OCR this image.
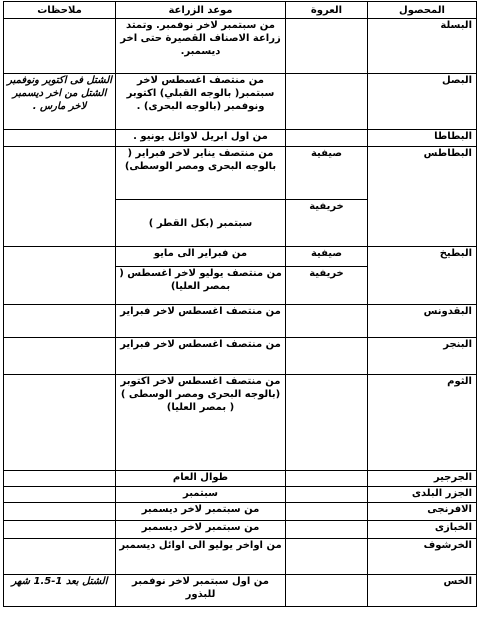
المحصول	العروة	موعد الزراعة	ملاحظات
البسلة		من سبتمبر لاخر نوفمبر. وتمتد زراعة الاصناف القصيرة حتى اخر ديسمبر.	
البصل		من منتصف اغسطس لاخر سبتمبر( بالوجه القبلي) اكتوبر ونوفمبر (بالوجه البحرى) .	الشتل فى اكتوبر ونوفمبر الشتل من اخر ديسمبر لاخر مارس .
البطاطا		من اول ابريل لاوائل يونيو .	
البطاطس	صيفية	من منتصف يناير لاخر فبراير ( بالوجه البحرى ومصر الوسطى)	
	خريفية	سبتمبر (بكل القطر )	
البطيخ	صيفية	من فبراير الى مايو	
	خريفية	من منتصف يوليو لاخر اغسطس ( بمصر العليا)	
البقدونس		من منتصف اغسطس لاخر فبراير	
البنجر		من منتصف اغسطس لاخر فبراير	
الثوم		من منتصف اغسطس لاخر اكتوبر
(بالوجه البحرى ومصر الوسطى )
( بمصر العليا)	

الجرجير		طوال العام	
الجزر البلدى		سبتمبر	
الافرنجى		من سبتمبر لاخر ديسمبر	
الخبازى		من سبتمبر لاخر ديسمبر	
الخرشوف		من اواخر يوليو الى اوائل ديسمبر	
الخس		من اول سبتمبر لاخر نوفمبر للبذور	الشتل بعد 1-1.5 شهر
